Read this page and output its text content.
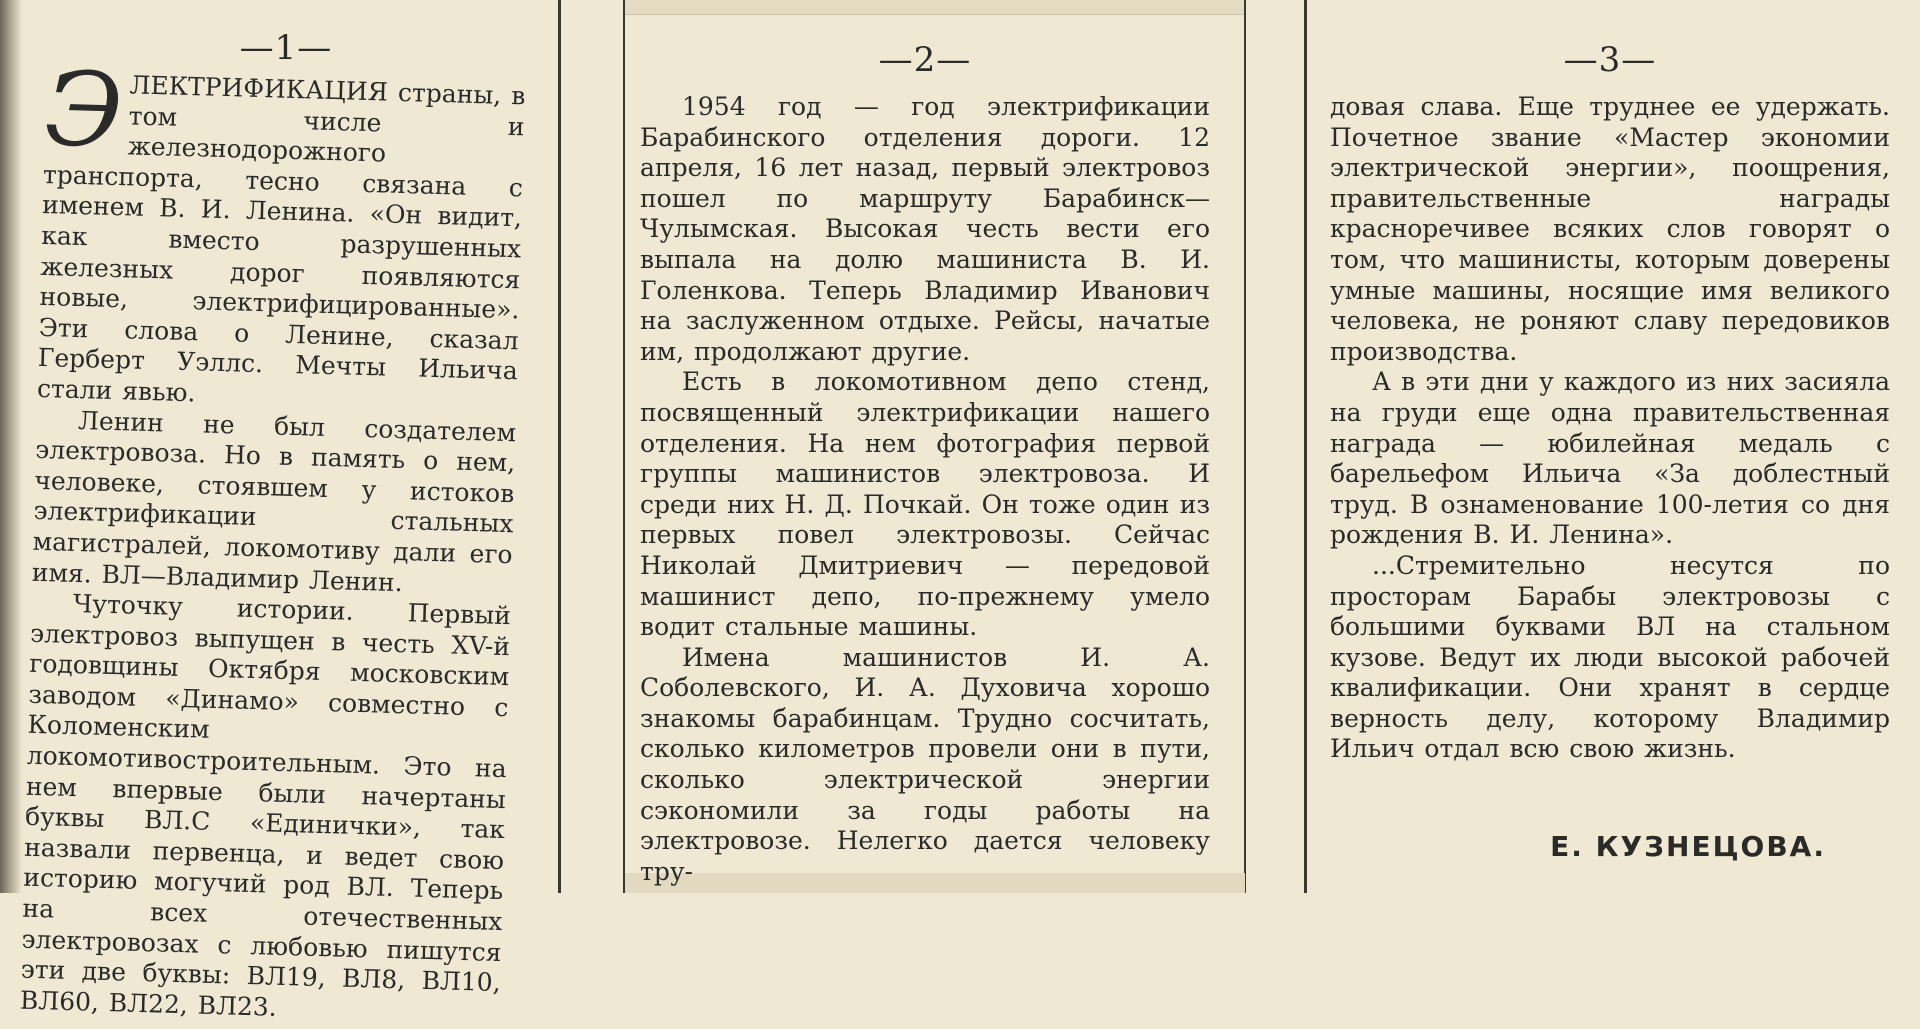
—1—

ЭЛЕКТРИФИКАЦИЯ страны, в том числе и железнодорожного транспорта, тесно связана с именем В. И. Ленина. «Он видит, как вместо разрушенных железных дорог появляются новые, электрифицированные». Эти слова о Ленине, сказал Герберт Уэллс. Мечты Ильича стали явью.

Ленин не был создателем электровоза. Но в память о нем, человеке, стоявшем у истоков электрификации стальных магистралей, локомотиву дали его имя. ВЛ—Владимир Ленин.

Чуточку истории. Первый электровоз выпущен в честь XV-й годовщины Октября московским заводом «Динамо» совместно с Коломенским локомотивостроительным. Это на нем впервые были начертаны буквы ВЛ.С «Единички», так назвали первенца, и ведет свою историю могучий род ВЛ. Теперь на всех отечественных электровозах с любовью пишутся эти две буквы: ВЛ19, ВЛ8, ВЛ10, ВЛ60, ВЛ22, ВЛ23.

—2—

1954 год — год электрификации Барабинского отделения дороги. 12 апреля, 16 лет назад, первый электровоз пошел по маршруту Барабинск—Чулымская. Высокая честь вести его выпала на долю машиниста В. И. Голенкова. Теперь Владимир Иванович на заслуженном отдыхе. Рейсы, начатые им, продолжают другие.

Есть в локомотивном депо стенд, посвященный электрификации нашего отделения. На нем фотография первой группы машинистов электровоза. И среди них Н. Д. Почкай. Он тоже один из первых повел электровозы. Сейчас Николай Дмитриевич — передовой машинист депо, по-прежнему умело водит стальные машины.

Имена машинистов И. А. Соболевского, И. А. Духовича хорошо знакомы барабинцам. Трудно сосчитать, сколько километров провели они в пути, сколько электрической энергии сэкономили за годы работы на электровозе. Нелегко дается человеку тру-

—3—

довая слава. Еще труднее ее удержать. Почетное звание «Мастер экономии электрической энергии», поощрения, правительственные награды красноречивее всяких слов говорят о том, что машинисты, которым доверены умные машины, носящие имя великого человека, не роняют славу передовиков производства.

А в эти дни у каждого из них засияла на груди еще одна правительственная награда — юбилейная медаль с барельефом Ильича «За доблестный труд. В ознаменование 100-летия со дня рождения В. И. Ленина».

...Стремительно несутся по просторам Барабы электровозы с большими буквами ВЛ на стальном кузове. Ведут их люди высокой рабочей квалификации. Они хранят в сердце верность делу, которому Владимир Ильич отдал всю свою жизнь.

Е. КУЗНЕЦОВА.
